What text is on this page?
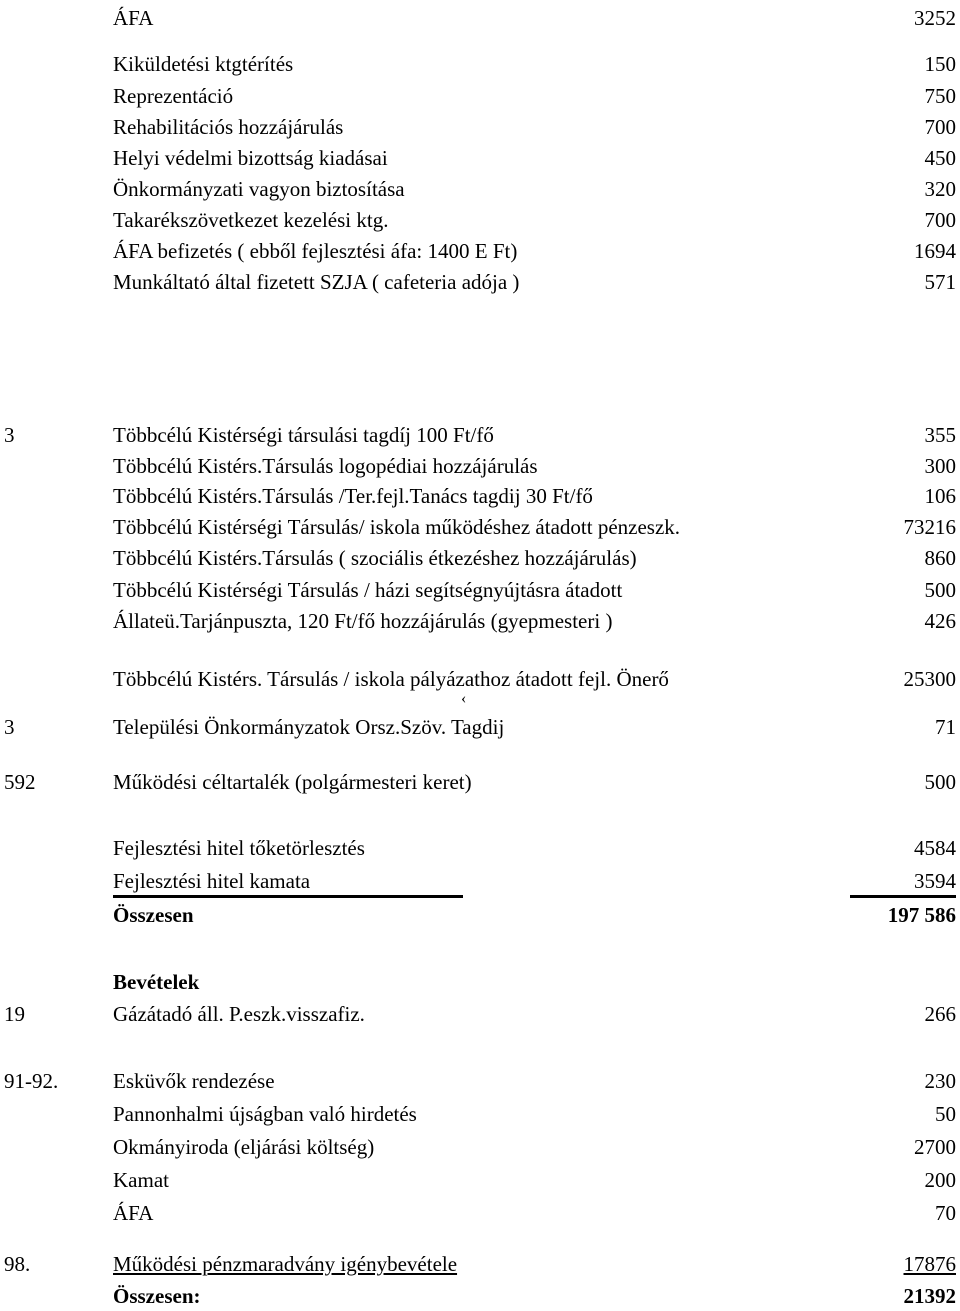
ÁFA	3252
Kiküldetési ktgtérítés	150
Reprezentáció	750
Rehabilitációs hozzájárulás	700
Helyi védelmi bizottság kiadásai	450
Önkormányzati vagyon biztosítása	320
Takarékszövetkezet kezelési ktg.	700
ÁFA befizetés ( ebből fejlesztési áfa: 1400 E Ft)	1694
Munkáltató által fizetett SZJA ( cafeteria adója )	571
3	Többcélú Kistérségi társulási tagdíj 100 Ft/fő	355
Többcélú Kistérs.Társulás logopédiai hozzájárulás	300
Többcélú Kistérs.Társulás /Ter.fejl.Tanács tagdij 30 Ft/fő	106
Többcélú Kistérségi Társulás/ iskola működéshez átadott pénzeszk.	73216
Többcélú Kistérs.Társulás ( szociális étkezéshez hozzájárulás)	860
Többcélú Kistérségi Társulás / házi segítségnyújtásra átadott	500
Állateü.Tarjánpuszta, 120 Ft/fő hozzájárulás (gyepmesteri )	426
Többcélú Kistérs. Társulás / iskola pályázathoz átadott fejl. Önerő	25300
‹
3	Települési Önkormányzatok Orsz.Szöv. Tagdij	71
592	Működési céltartalék (polgármesteri keret)	500
Fejlesztési hitel tőketörlesztés	4584
Fejlesztési hitel kamata	3594
Összesen	197 586
Bevételek
19	Gázátadó áll. P.eszk.visszafiz.	266
91-92.	Esküvők rendezése	230
Pannonhalmi újságban való hirdetés	50
Okmányiroda (eljárási költség)	2700
Kamat	200
ÁFA	70
98.	Működési pénzmaradvány igénybevétele	17876
Összesen:	21392
